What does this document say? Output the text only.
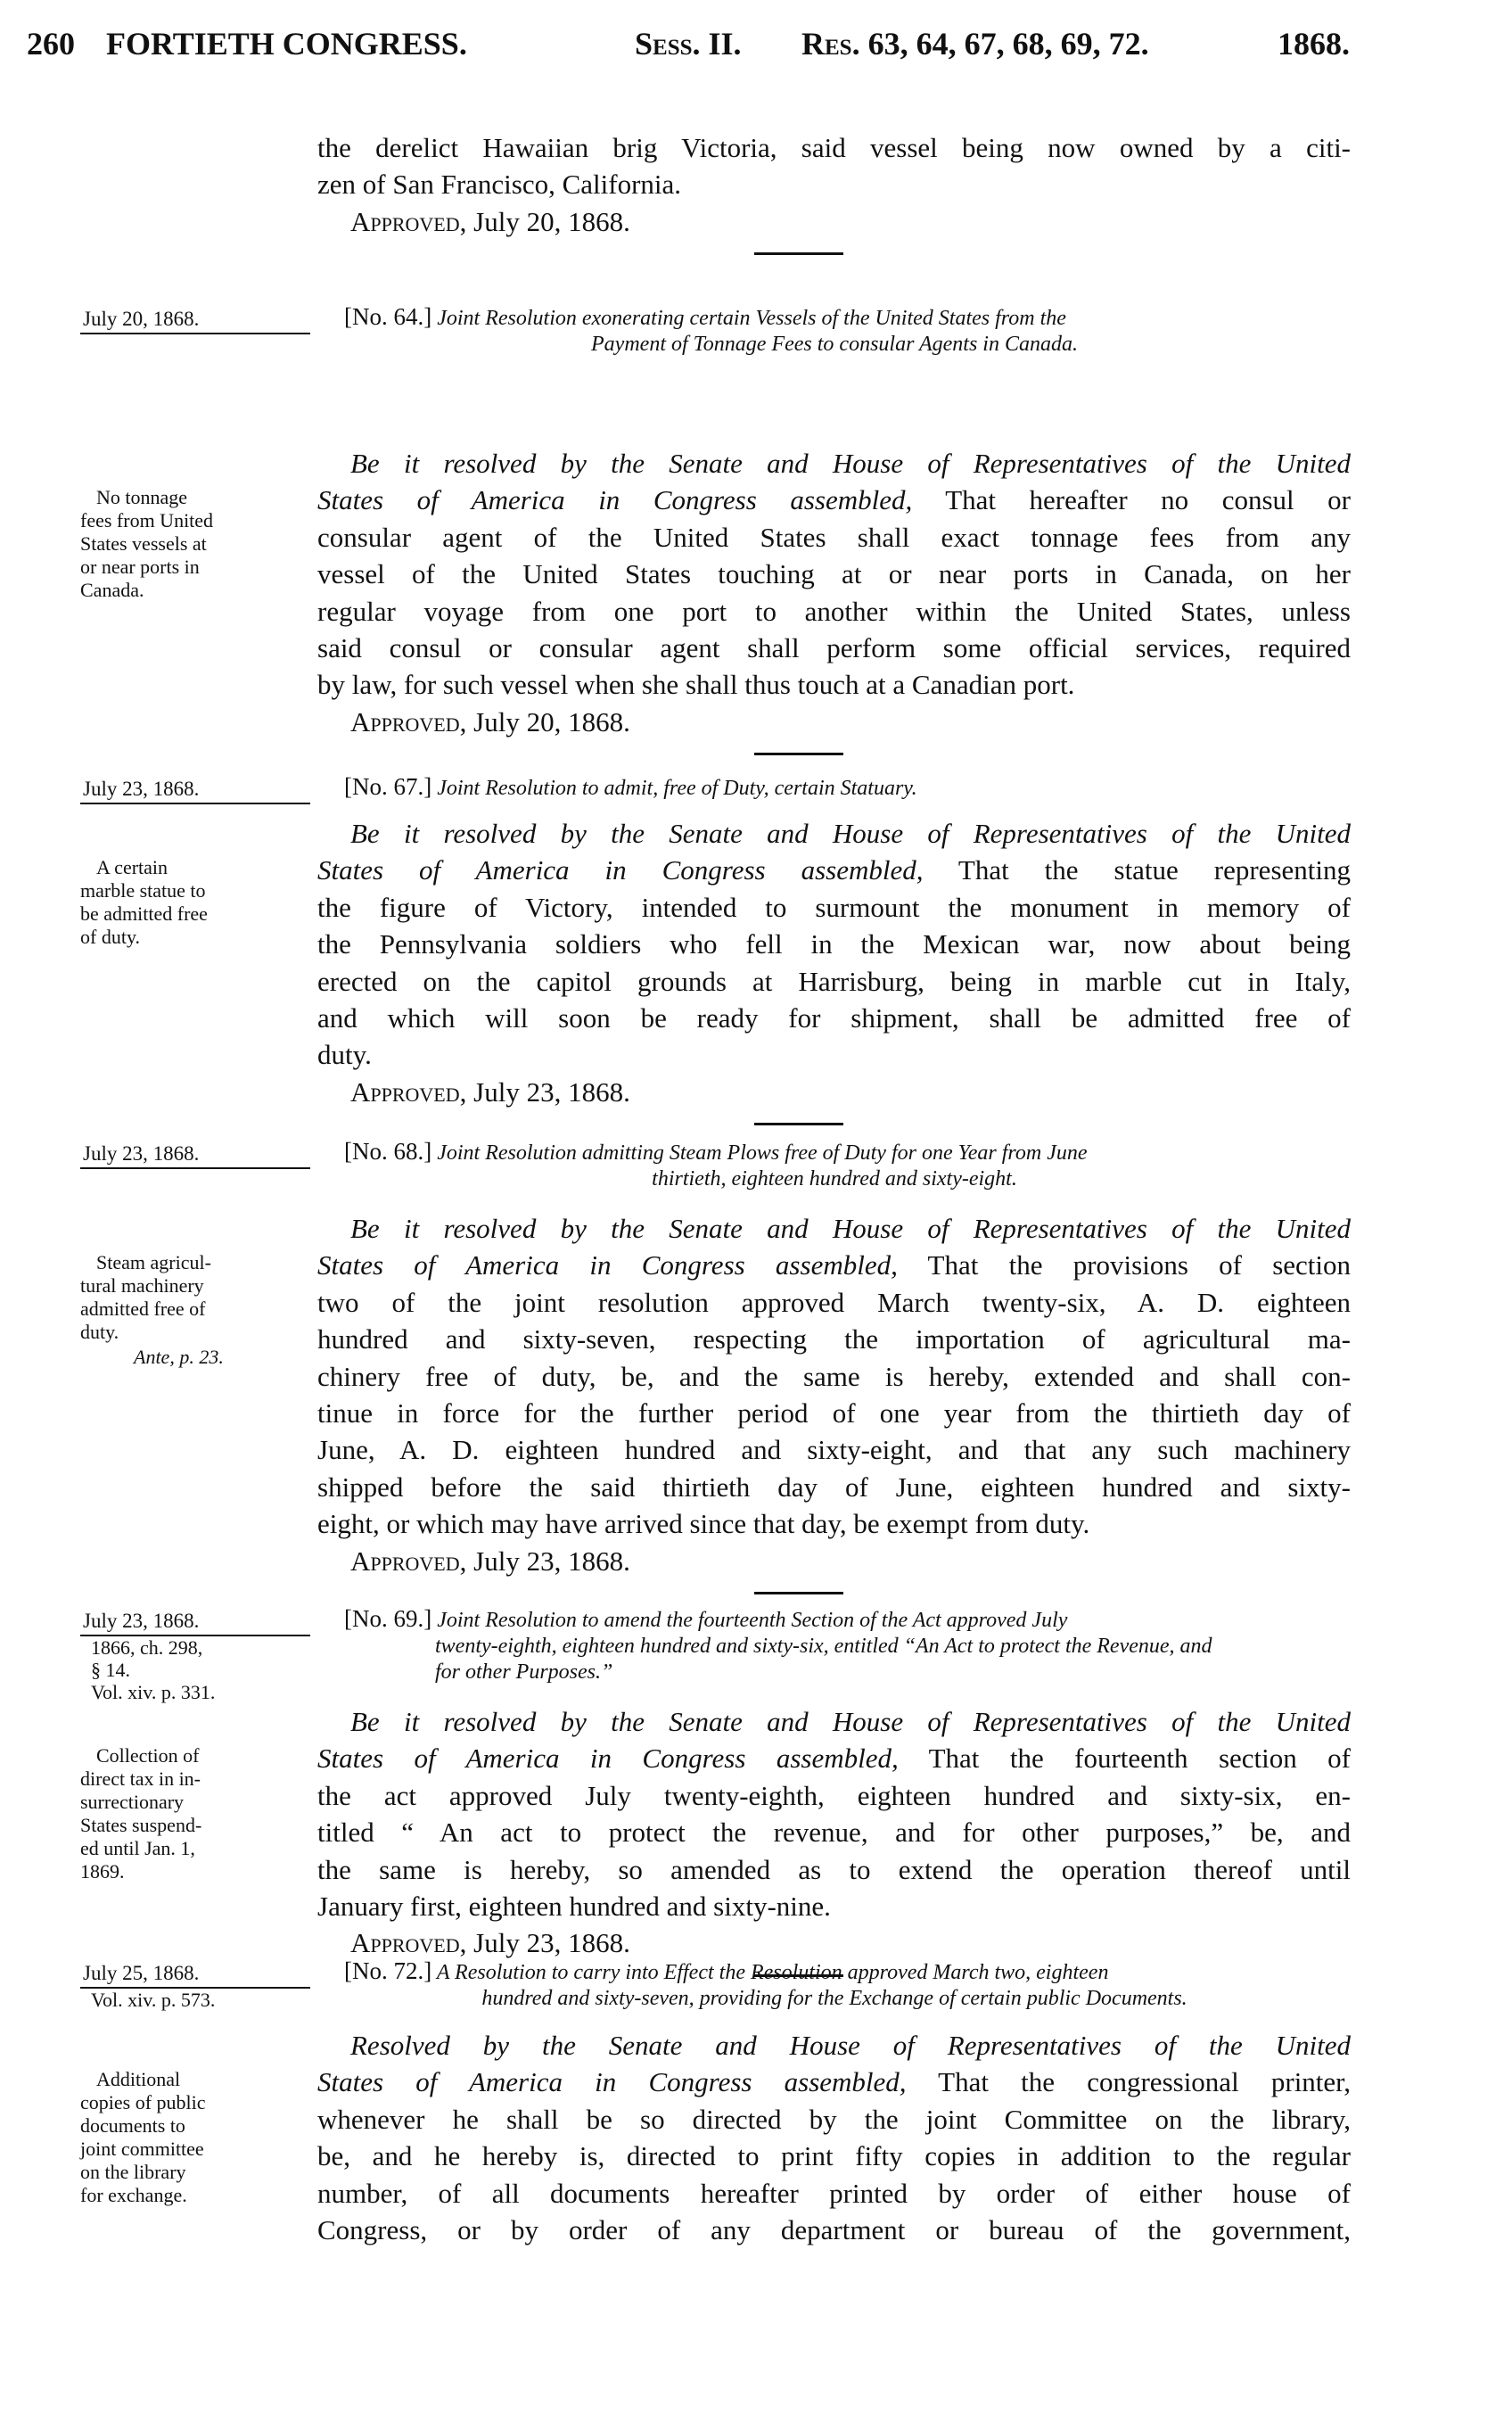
260 FORTIETH CONGRESS.	Sess. II. Res. 63, 64, 67, 68, 69, 72.	1868.
the derelict Hawaiian brig Victoria, said vessel being now owned by a citi-
zen of San Francisco, California.
Approved, July 20, 1868.
July 20, 1868.	[No. 64.] Joint Resolution exonerating certain Vessels of the United States from the
Payment of Tonnage Fees to consular Agents in Canada.
Be it resolved by the Senate and House of Representatives of the United
States of America in Congress assembled, That hereafter no consul or
consular agent of the United States shall exact tonnage fees from any
vessel of the United States touching at or near ports in Canada, on her
regular voyage from one port to another within the United States, unless
said consul or consular agent shall perform some official services, required
by law, for such vessel when she shall thus touch at a Canadian port.
Approved, July 20, 1868.
No tonnage
fees from United
States vessels at
or near ports in
Canada.
July 23, 1868.	[No. 67.] Joint Resolution to admit, free of Duty, certain Statuary.
Be it resolved by the Senate and House of Representatives of the United
States of America in Congress assembled, That the statue representing
the figure of Victory, intended to surmount the monument in memory of
the Pennsylvania soldiers who fell in the Mexican war, now about being
erected on the capitol grounds at Harrisburg, being in marble cut in Italy,
and which will soon be ready for shipment, shall be admitted free of
duty.
Approved, July 23, 1868.
A certain
marble statue to
be admitted free
of duty.
July 23, 1868.	[No. 68.] Joint Resolution admitting Steam Plows free of Duty for one Year from June
thirtieth, eighteen hundred and sixty-eight.
Be it resolved by the Senate and House of Representatives of the United
States of America in Congress assembled, That the provisions of section
two of the joint resolution approved March twenty-six, A. D. eighteen
hundred and sixty-seven, respecting the importation of agricultural ma-
chinery free of duty, be, and the same is hereby, extended and shall con-
tinue in force for the further period of one year from the thirtieth day of
June, A. D. eighteen hundred and sixty-eight, and that any such machinery
shipped before the said thirtieth day of June, eighteen hundred and sixty-
eight, or which may have arrived since that day, be exempt from duty.
Approved, July 23, 1868.
Steam agricul-
tural machinery
admitted free of
duty.
Ante, p. 23.
July 23, 1868.
1866, ch. 298,
§ 14.
Vol. xiv. p. 331.
[No. 69.] Joint Resolution to amend the fourteenth Section of the Act approved July
twenty-eighth, eighteen hundred and sixty-six, entitled “An Act to protect the Revenue, and
for other Purposes.”
Be it resolved by the Senate and House of Representatives of the United
States of America in Congress assembled, That the fourteenth section of
the act approved July twenty-eighth, eighteen hundred and sixty-six, en-
titled “ An act to protect the revenue, and for other purposes,” be, and
the same is hereby, so amended as to extend the operation thereof until
January first, eighteen hundred and sixty-nine.
Approved, July 23, 1868.
Collection of
direct tax in in-
surrectionary
States suspend-
ed until Jan. 1,
1869.
July 25, 1868.
Vol. xiv. p. 573.
[No. 72.] A Resolution to carry into Effect the Resolution approved March two, eighteen
hundred and sixty-seven, providing for the Exchange of certain public Documents.
Resolved by the Senate and House of Representatives of the United
States of America in Congress assembled, That the congressional printer,
whenever he shall be so directed by the joint Committee on the library,
be, and he hereby is, directed to print fifty copies in addition to the regular
number, of all documents hereafter printed by order of either house of
Congress, or by order of any department or bureau of the government,
Additional
copies of public
documents to
joint committee
on the library
for exchange.
